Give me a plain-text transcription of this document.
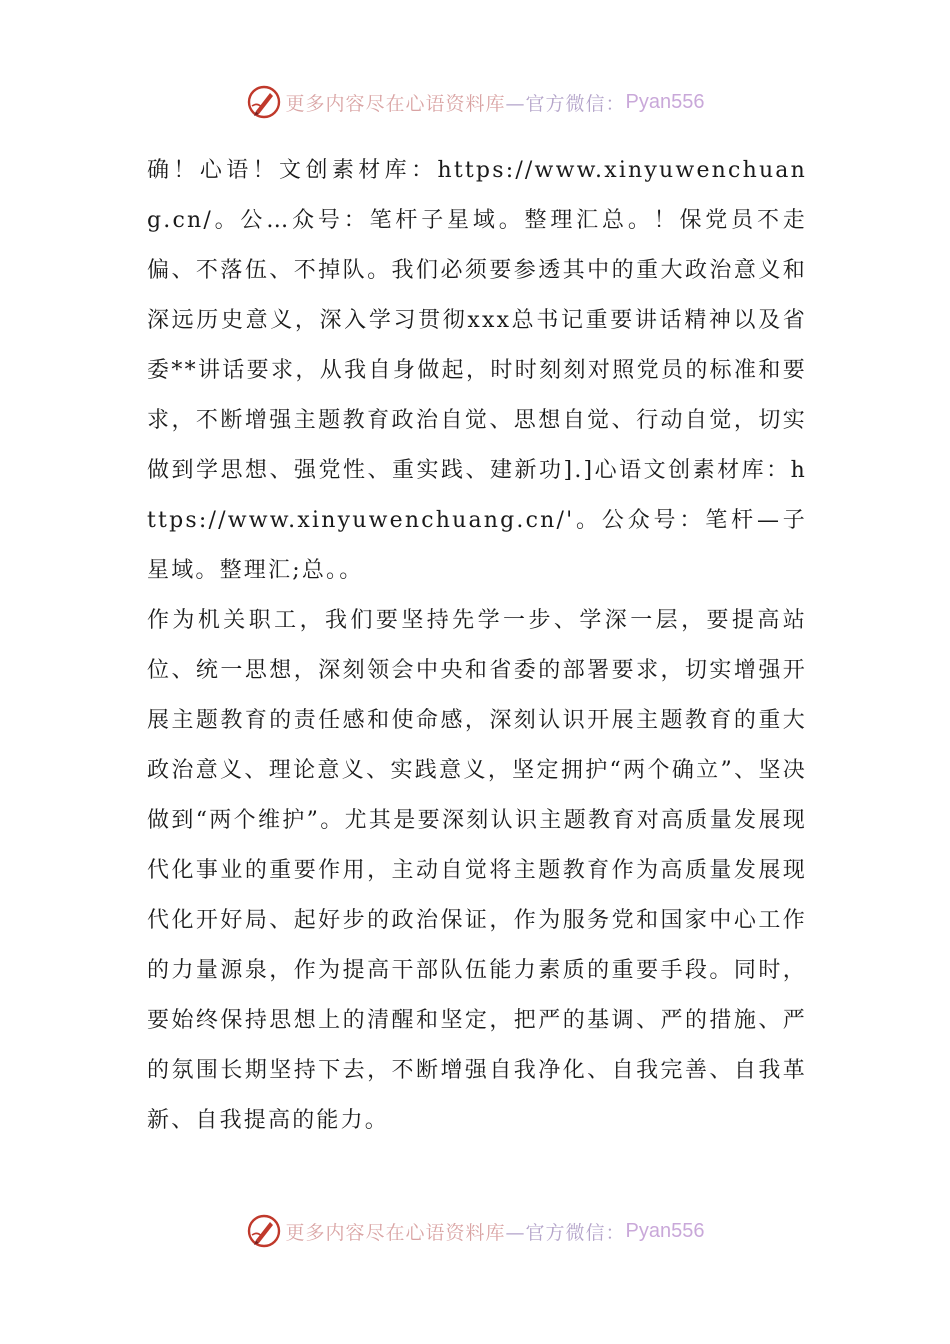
更多内容尽在心语资料库 —官方微信： Pyan556

确！心语！文创素材库：https://www.xinyuwenchuang.cn/。公…众号：笔杆子星域。整理汇总。！保党员不走偏、不落伍、不掉队。我们必须要参透其中的重大政治意义和深远历史意义，深入学习贯彻xxx总书记重要讲话精神以及省委**讲话要求，从我自身做起，时时刻刻对照党员的标准和要求，不断增强主题教育政治自觉、思想自觉、行动自觉，切实做到学思想、强党性、重实践、建新功].]心语文创素材库：https://www.xinyuwenchuang.cn/'。公众号：笔杆—子星域。整理汇;总。。

作为机关职工，我们要坚持先学一步、学深一层，要提高站位、统一思想，深刻领会中央和省委的部署要求，切实增强开展主题教育的责任感和使命感，深刻认识开展主题教育的重大政治意义、理论意义、实践意义，坚定拥护“两个确立”、坚决做到“两个维护”。尤其是要深刻认识主题教育对高质量发展现代化事业的重要作用，主动自觉将主题教育作为高质量发展现代化开好局、起好步的政治保证，作为服务党和国家中心工作的力量源泉，作为提高干部队伍能力素质的重要手段。同时，要始终保持思想上的清醒和坚定，把严的基调、严的措施、严的氛围长期坚持下去，不断增强自我净化、自我完善、自我革新、自我提高的能力。

更多内容尽在心语资料库 —官方微信： Pyan556
